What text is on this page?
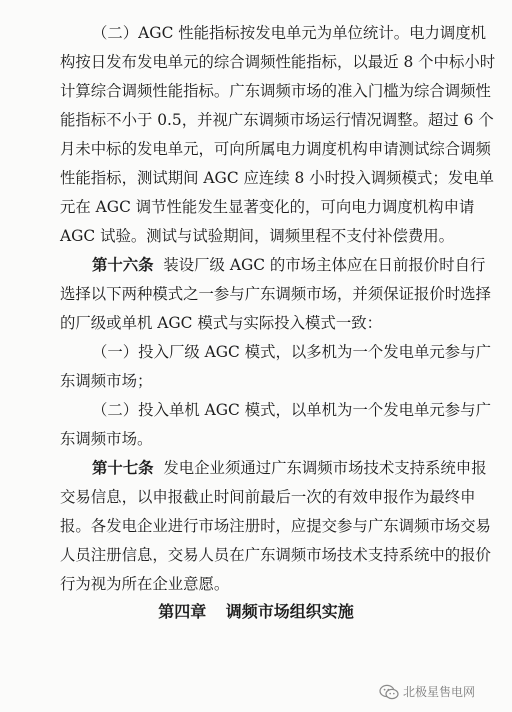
（二）AGC 性能指标按发电单元为单位统计。电力调度机
构按日发布发电单元的综合调频性能指标，以最近 8 个中标小时
计算综合调频性能指标。广东调频市场的准入门槛为综合调频性
能指标不小于 0.5，并视广东调频市场运行情况调整。超过 6 个
月未中标的发电单元，可向所属电力调度机构申请测试综合调频
性能指标，测试期间 AGC 应连续 8 小时投入调频模式；发电单
元在 AGC 调节性能发生显著变化的，可向电力调度机构申请
AGC 试验。测试与试验期间，调频里程不支付补偿费用。
第十六条 装设厂级 AGC 的市场主体应在日前报价时自行
选择以下两种模式之一参与广东调频市场，并须保证报价时选择
的厂级或单机 AGC 模式与实际投入模式一致：
（一）投入厂级 AGC 模式，以多机为一个发电单元参与广
东调频市场；
（二）投入单机 AGC 模式，以单机为一个发电单元参与广
东调频市场。
第十七条 发电企业须通过广东调频市场技术支持系统申报
交易信息，以申报截止时间前最后一次的有效申报作为最终申
报。各发电企业进行市场注册时，应提交参与广东调频市场交易
人员注册信息，交易人员在广东调频市场技术支持系统中的报价
行为视为所在企业意愿。
第四章 调频市场组织实施
北极星售电网
